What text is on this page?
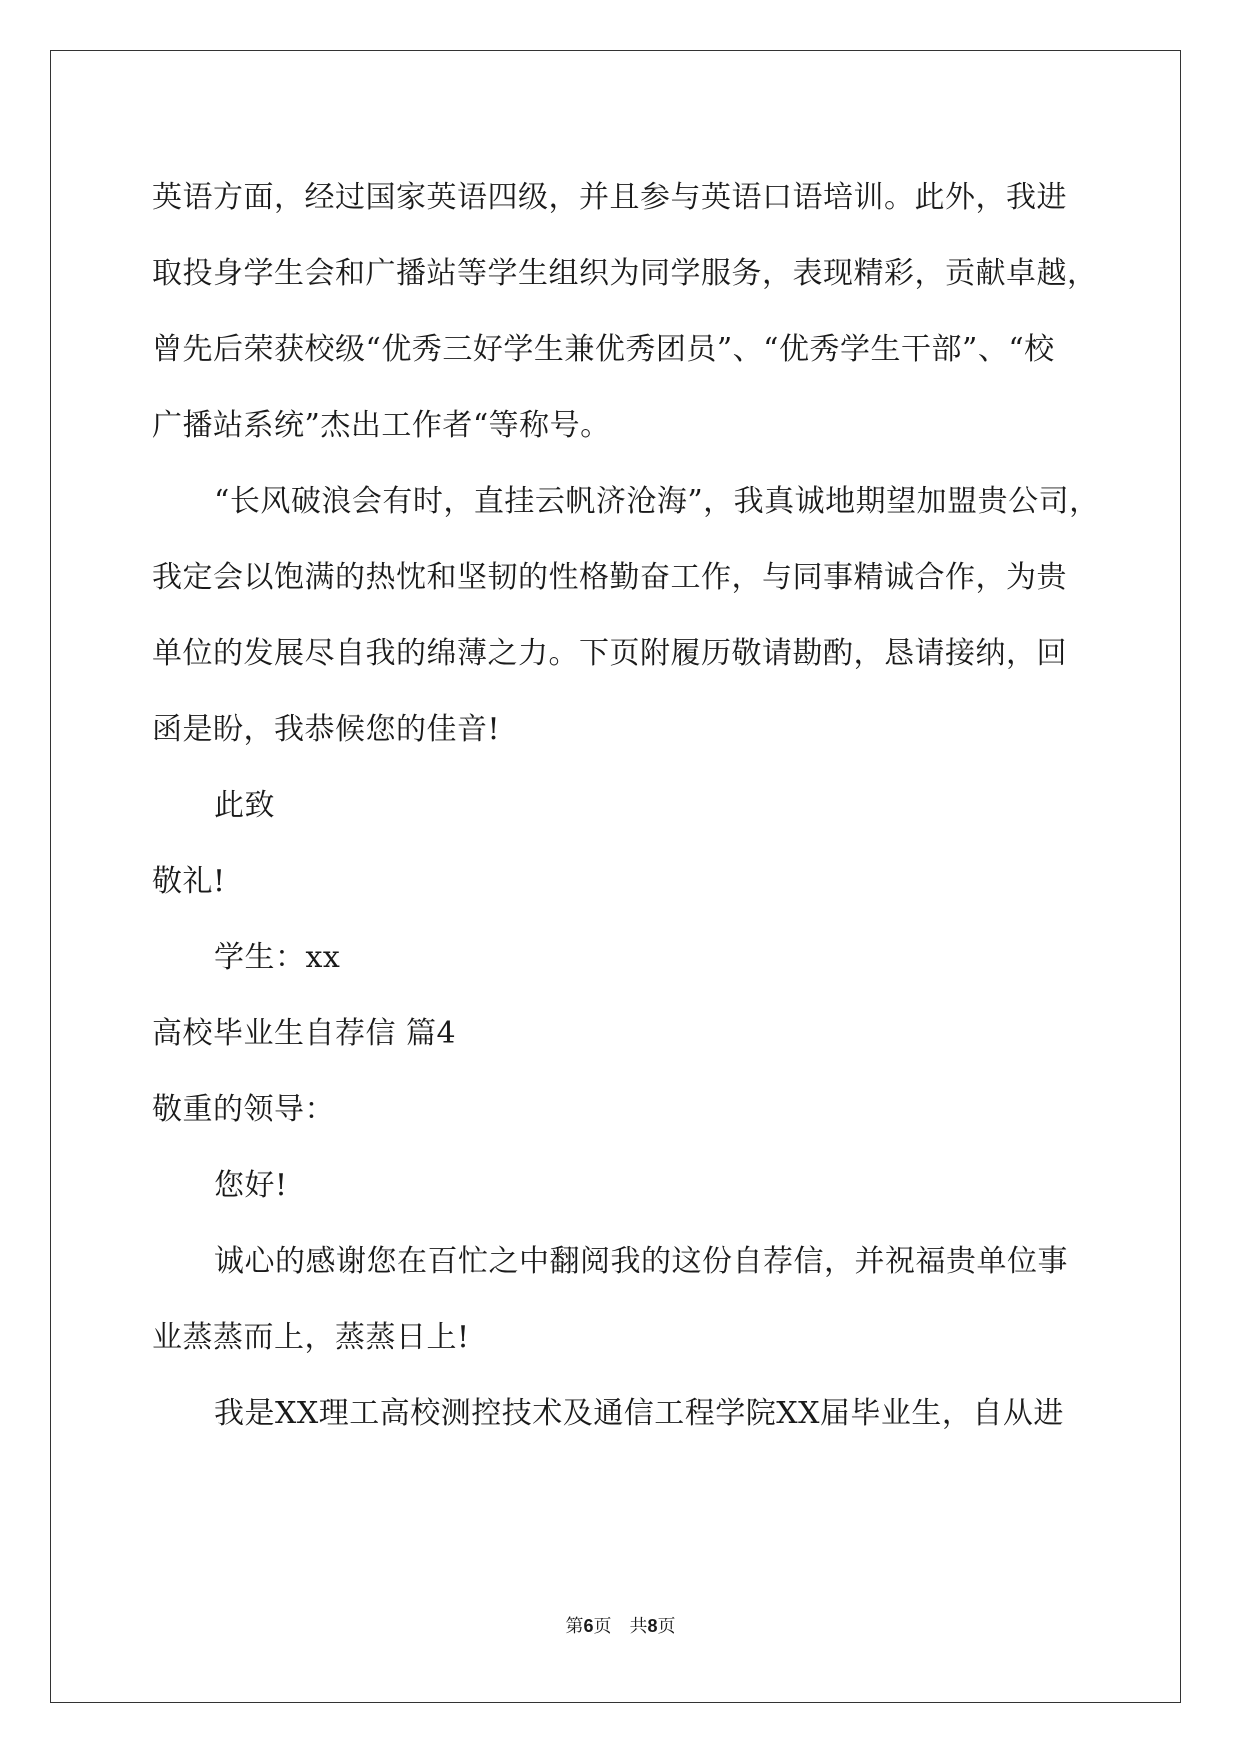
英语方面，经过国家英语四级，并且参与英语口语培训。此外，我进
取投身学生会和广播站等学生组织为同学服务，表现精彩，贡献卓越，
曾先后荣获校级“优秀三好学生兼优秀团员”、“优秀学生干部”、“校
广播站系统”杰出工作者“等称号。
“长风破浪会有时，直挂云帆济沧海”，我真诚地期望加盟贵公司，
我定会以饱满的热忱和坚韧的性格勤奋工作，与同事精诚合作，为贵
单位的发展尽自我的绵薄之力。下页附履历敬请勘酌，恳请接纳，回
函是盼，我恭候您的佳音!
此致
敬礼!
学生：xx
高校毕业生自荐信 篇4
敬重的领导：
您好!
诚心的感谢您在百忙之中翻阅我的这份自荐信，并祝福贵单位事
业蒸蒸而上，蒸蒸日上!
我是XX理工高校测控技术及通信工程学院XX届毕业生，自从进
第6页　共8页
